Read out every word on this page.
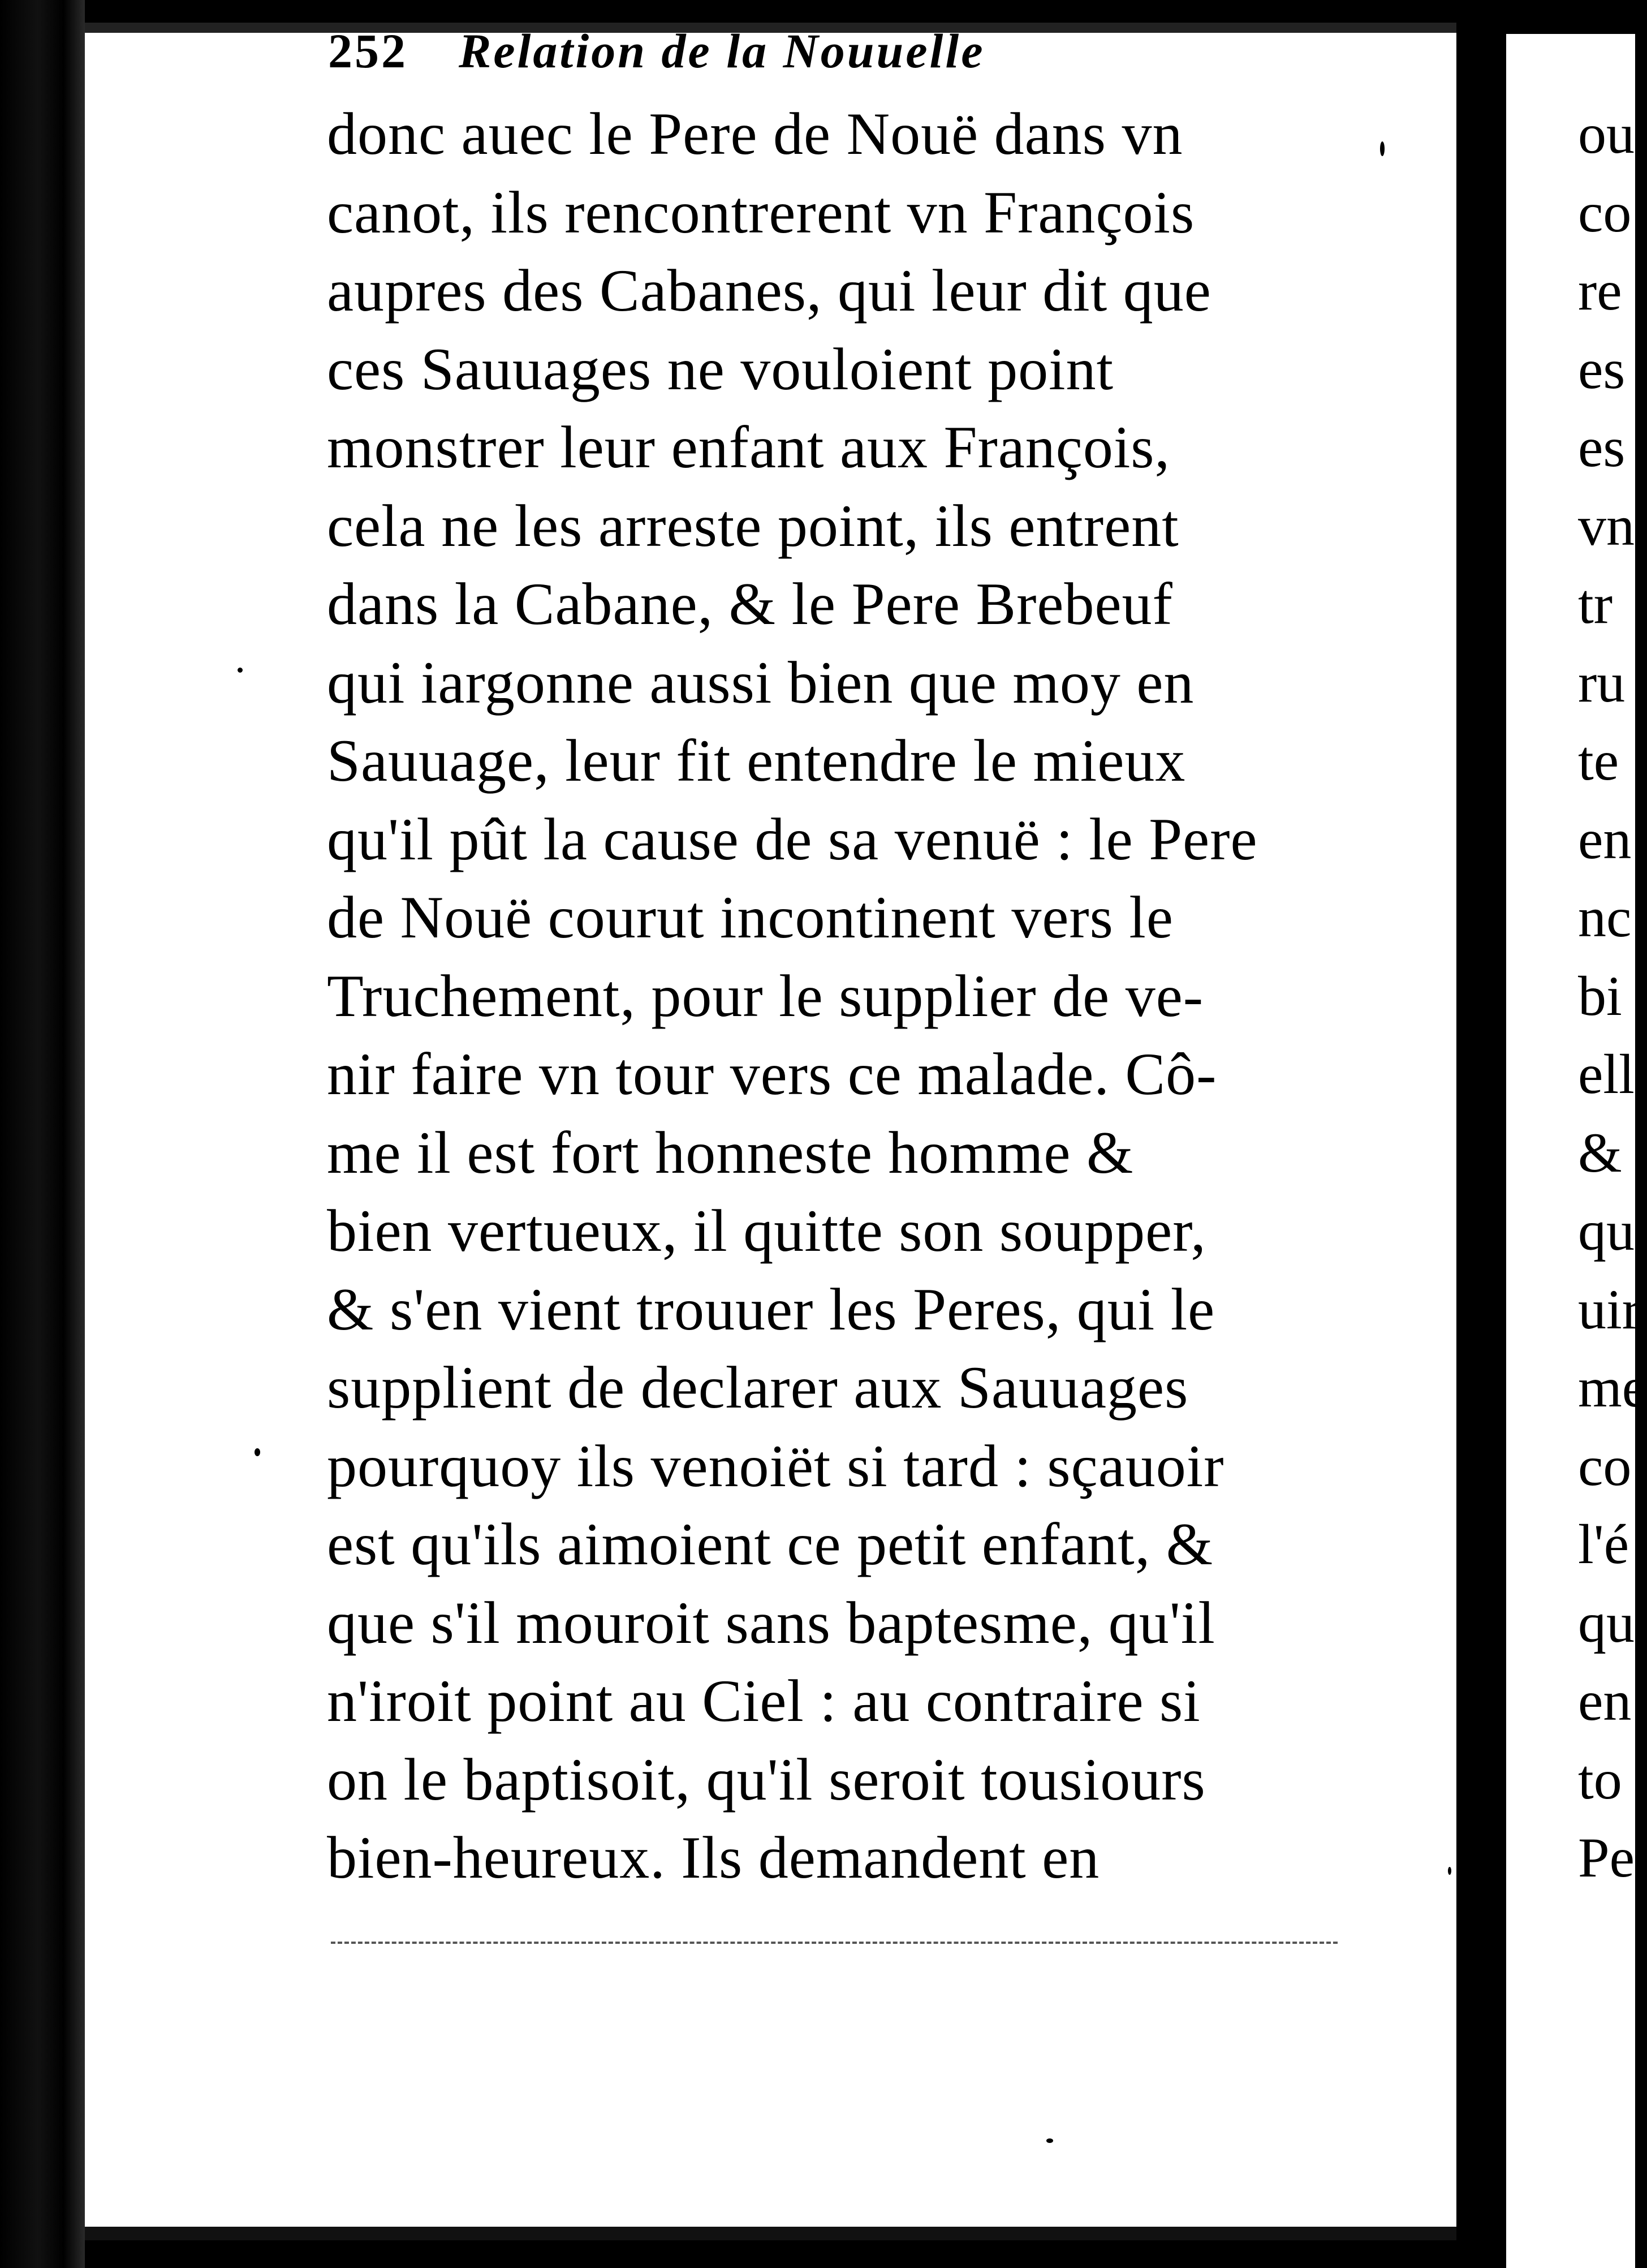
252 Relation de la Nouuelle
donc auec le Pere de Nouë dans vn
canot, ils rencontrerent vn François
aupres des Cabanes, qui leur dit que
ces Sauuages ne vouloient point
monstrer leur enfant aux François,
cela ne les arreste point, ils entrent
dans la Cabane, & le Pere Brebeuf
qui iargonne aussi bien que moy en
Sauuage, leur fit entendre le mieux
qu'il pût la cause de sa venuë : le Pere
de Nouë courut incontinent vers le
Truchement, pour le supplier de ve-
nir faire vn tour vers ce malade. Cô-
me il est fort honneste homme &
bien vertueux, il quitte son soupper,
& s'en vient trouuer les Peres, qui le
supplient de declarer aux Sauuages
pourquoy ils venoiët si tard : sçauoir
est qu'ils aimoient ce petit enfant, &
que s'il mouroit sans baptesme, qu'il
n'iroit point au Ciel : au contraire si
on le baptisoit, qu'il seroit tousiours
bien-heureux. Ils demandent en
ou
co
re
es
es
vn
tr
ru
te
en
nc
bi
ell
&
qu
uir
me
co
l'é
qu
en
to
Pe
